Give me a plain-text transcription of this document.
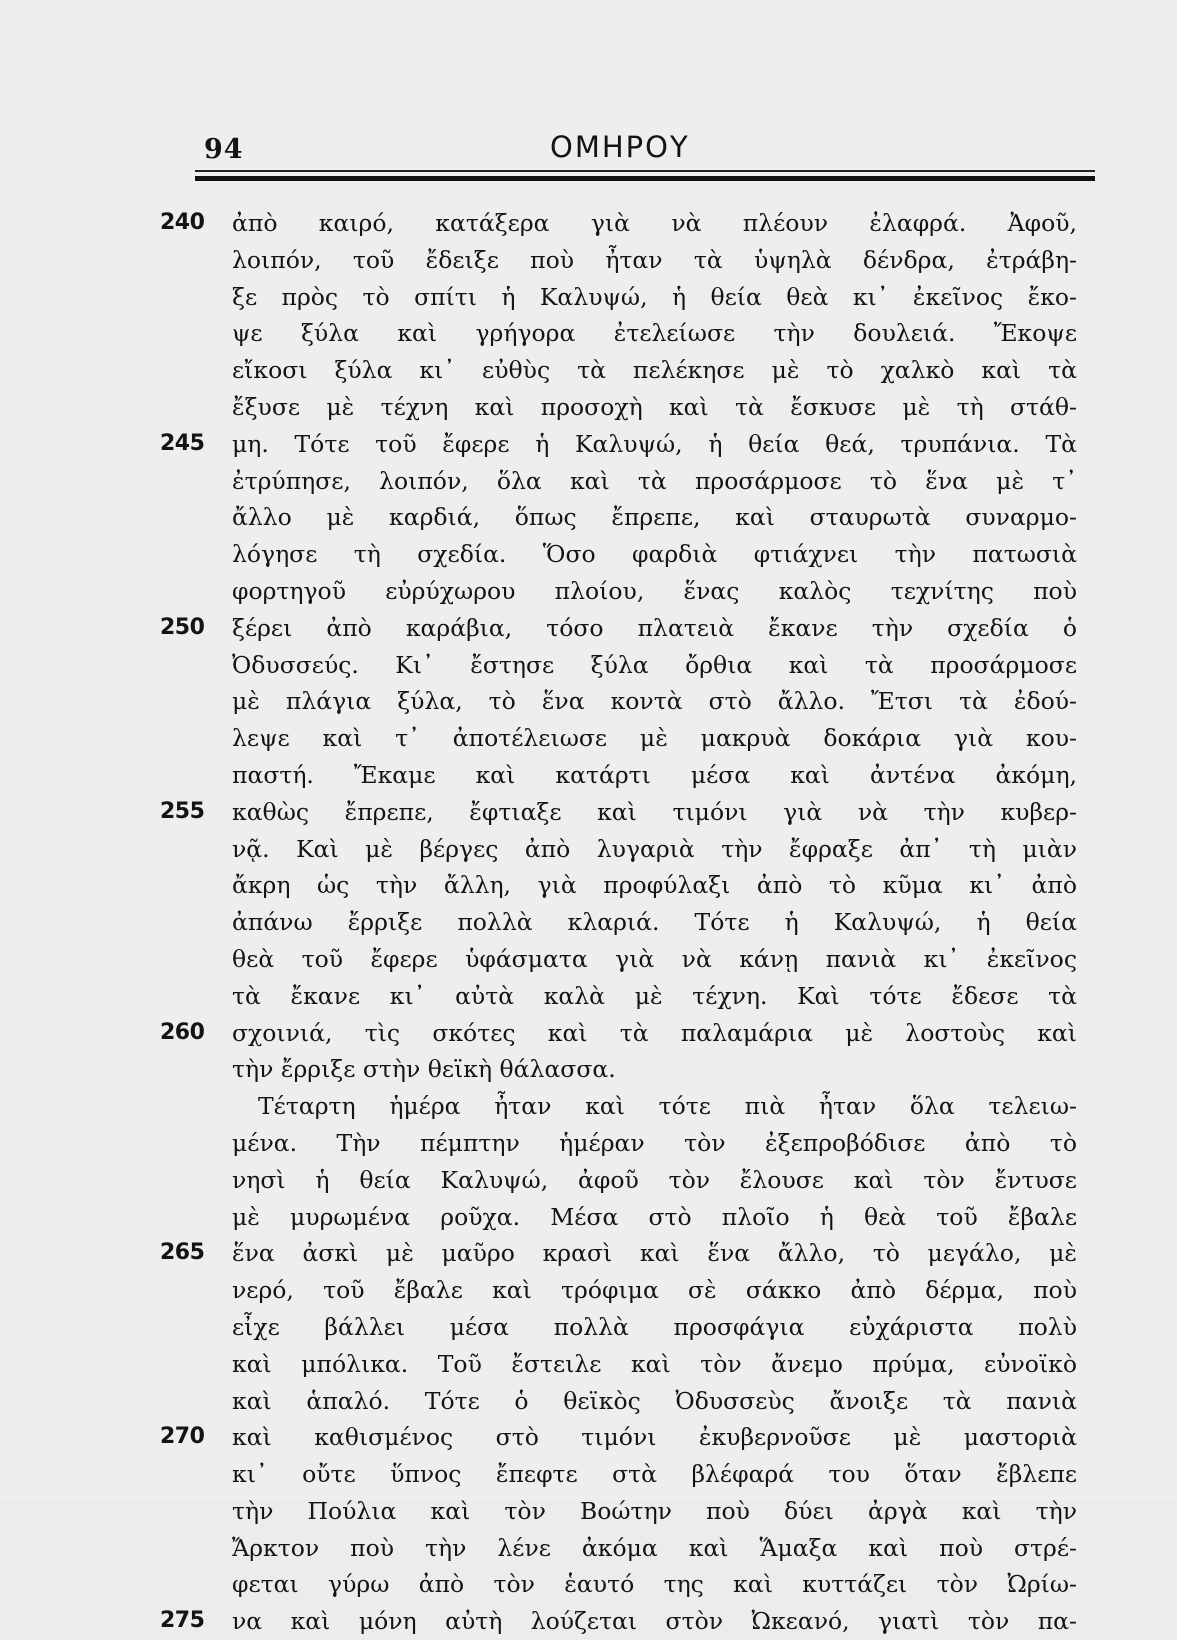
94	ΟΜΗΡΟΥ
240	ἀπὸ καιρό, κατάξερα γιὰ νὰ πλέουν ἐλαφρά. Ἀφοῦ,
λοιπόν, τοῦ ἔδειξε ποὺ ἦταν τὰ ὑψηλὰ δένδρα, ἐτράβη-
ξε πρὸς τὸ σπίτι ἡ Καλυψώ, ἡ θεία θεὰ κι᾽ ἐκεῖνος ἔκο-
ψε ξύλα καὶ γρήγορα ἐτελείωσε τὴν δουλειά. Ἔκοψε
εἴκοσι ξύλα κι᾽ εὐθὺς τὰ πελέκησε μὲ τὸ χαλκὸ καὶ τὰ
ἔξυσε μὲ τέχνη καὶ προσοχὴ καὶ τὰ ἔσκυσε μὲ τὴ στάθ-
245	μη. Τότε τοῦ ἔφερε ἡ Καλυψώ, ἡ θεία θεά, τρυπάνια. Τὰ
ἐτρύπησε, λοιπόν, ὅλα καὶ τὰ προσάρμοσε τὸ ἕνα μὲ τ᾽
ἄλλο μὲ καρδιά, ὅπως ἔπρεπε, καὶ σταυρωτὰ συναρμο-
λόγησε τὴ σχεδία. Ὅσο φαρδιὰ φτιάχνει τὴν πατωσιὰ
φορτηγοῦ εὐρύχωρου πλοίου, ἕνας καλὸς τεχνίτης ποὺ
250	ξέρει ἀπὸ καράβια, τόσο πλατειὰ ἔκανε τὴν σχεδία ὁ
Ὀδυσσεύς. Κι᾽ ἔστησε ξύλα ὄρθια καὶ τὰ προσάρμοσε
μὲ πλάγια ξύλα, τὸ ἕνα κοντὰ στὸ ἄλλο. Ἔτσι τὰ ἐδού-
λεψε καὶ τ᾽ ἀποτέλειωσε μὲ μακρυὰ δοκάρια γιὰ κου-
παστή. Ἔκαμε καὶ κατάρτι μέσα καὶ ἀντένα ἀκόμη,
255	καθὼς ἔπρεπε, ἔφτιαξε καὶ τιμόνι γιὰ νὰ τὴν κυβερ-
νᾷ. Καὶ μὲ βέργες ἀπὸ λυγαριὰ τὴν ἔφραξε ἀπ᾽ τὴ μιὰν
ἄκρη ὡς τὴν ἄλλη, γιὰ προφύλαξι ἀπὸ τὸ κῦμα κι᾽ ἀπὸ
ἀπάνω ἔρριξε πολλὰ κλαριά. Τότε ἡ Καλυψώ, ἡ θεία
θεὰ τοῦ ἔφερε ὑφάσματα γιὰ νὰ κάνῃ πανιὰ κι᾽ ἐκεῖνος
τὰ ἔκανε κι᾽ αὐτὰ καλὰ μὲ τέχνη. Καὶ τότε ἔδεσε τὰ
260	σχοινιά, τὶς σκότες καὶ τὰ παλαμάρια μὲ λοστοὺς καὶ
τὴν ἔρριξε στὴν θεϊκὴ θάλασσα.
Τέταρτη ἡμέρα ἦταν καὶ τότε πιὰ ἦταν ὅλα τελειω-
μένα. Τὴν πέμπτην ἡμέραν τὸν ἐξεπροβόδισε ἀπὸ τὸ
νησὶ ἡ θεία Καλυψώ, ἀφοῦ τὸν ἔλουσε καὶ τὸν ἔντυσε
μὲ μυρωμένα ροῦχα. Μέσα στὸ πλοῖο ἡ θεὰ τοῦ ἔβαλε
265	ἕνα ἀσκὶ μὲ μαῦρο κρασὶ καὶ ἕνα ἄλλο, τὸ μεγάλο, μὲ
νερό, τοῦ ἔβαλε καὶ τρόφιμα σὲ σάκκο ἀπὸ δέρμα, ποὺ
εἶχε βάλλει μέσα πολλὰ προσφάγια εὐχάριστα πολὺ
καὶ μπόλικα. Τοῦ ἔστειλε καὶ τὸν ἄνεμο πρύμα, εὐνοϊκὸ
καὶ ἁπαλό. Τότε ὁ θεϊκὸς Ὀδυσσεὺς ἄνοιξε τὰ πανιὰ
270	καὶ καθισμένος στὸ τιμόνι ἐκυβερνοῦσε μὲ μαστοριὰ
κι᾽ οὔτε ὕπνος ἔπεφτε στὰ βλέφαρά του ὅταν ἔβλεπε
τὴν Πούλια καὶ τὸν Βοώτην ποὺ δύει ἀργὰ καὶ τὴν
Ἄρκτον ποὺ τὴν λένε ἀκόμα καὶ Ἅμαξα καὶ ποὺ στρέ-
φεται γύρω ἀπὸ τὸν ἑαυτό της καὶ κυττάζει τὸν Ὠρίω-
275	να καὶ μόνη αὐτὴ λούζεται στὸν Ὠκεανό, γιατὶ τὸν πα-
